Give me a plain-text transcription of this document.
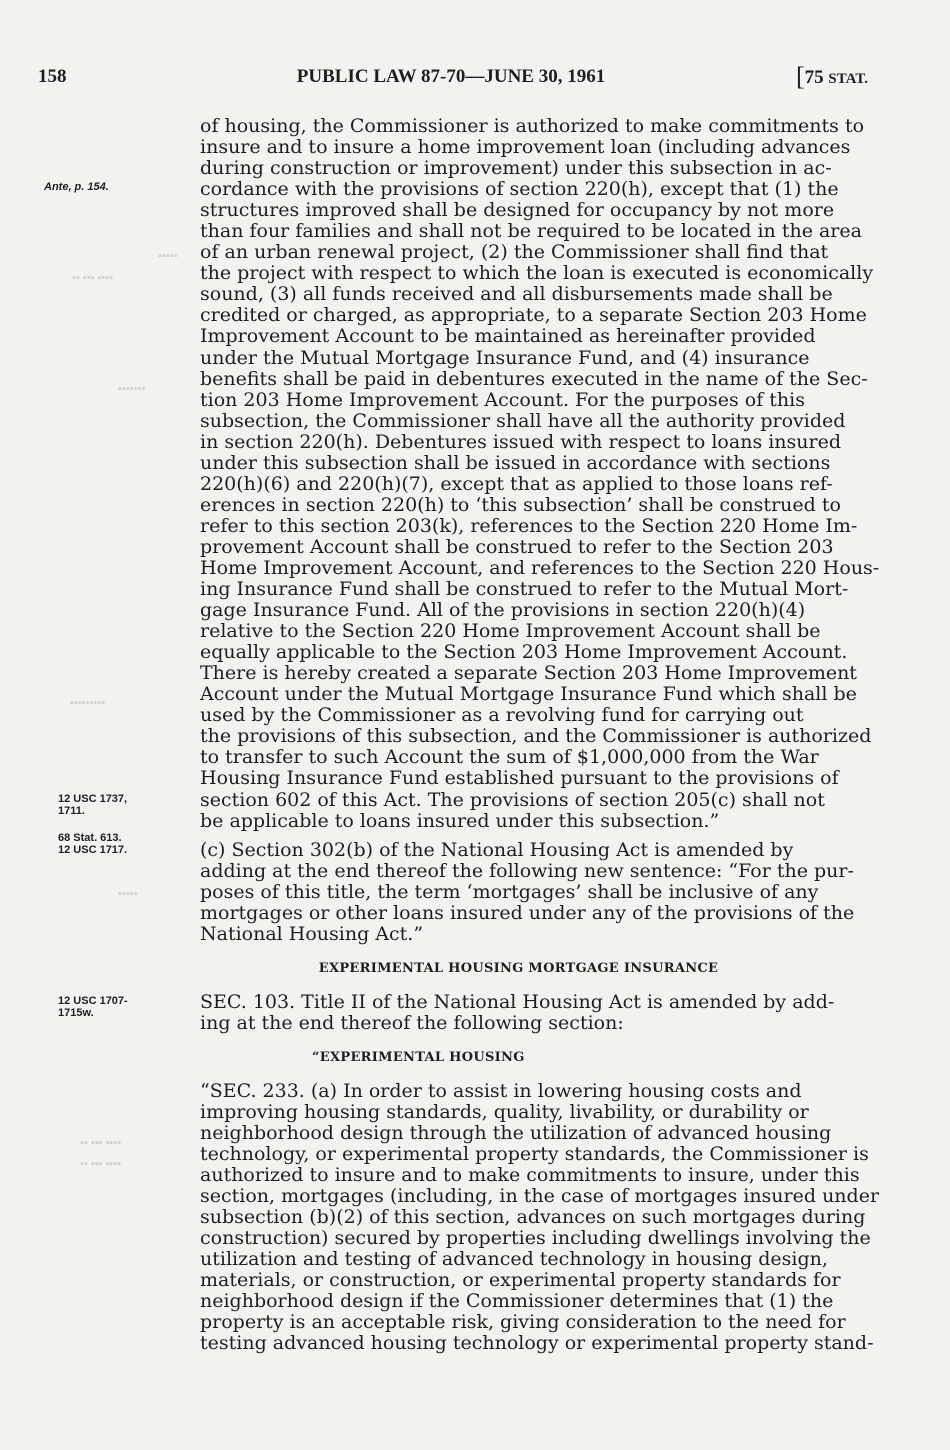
158	PUBLIC LAW 87-70—JUNE 30, 1961	[75 STAT.
▪▪▪▪▪
▪▪ ▪▪▪ ▪▪▪▪
▪▪▪▪▪▪▪
▪▪▪▪▪▪▪▪▪
▪▪▪▪▪
▪▪ ▪▪▪ ▪▪▪▪
▪▪ ▪▪▪ ▪▪▪▪
Ante, p. 154.
12 USC 1737,
1711.
68 Stat. 613.
12 USC 1717.
12 USC 1707-
1715w.
of housing, the Commissioner is authorized to make commitments to
insure and to insure a home improvement loan (including advances
during construction or improvement) under this subsection in ac-
cordance with the provisions of section 220(h), except that (1) the
structures improved shall be designed for occupancy by not more
than four families and shall not be required to be located in the area
of an urban renewal project, (2) the Commissioner shall find that
the project with respect to which the loan is executed is economically
sound, (3) all funds received and all disbursements made shall be
credited or charged, as appropriate, to a separate Section 203 Home
Improvement Account to be maintained as hereinafter provided
under the Mutual Mortgage Insurance Fund, and (4) insurance
benefits shall be paid in debentures executed in the name of the Sec-
tion 203 Home Improvement Account. For the purposes of this
subsection, the Commissioner shall have all the authority provided
in section 220(h). Debentures issued with respect to loans insured
under this subsection shall be issued in accordance with sections
220(h)(6) and 220(h)(7), except that as applied to those loans ref-
erences in section 220(h) to ‘this subsection’ shall be construed to
refer to this section 203(k), references to the Section 220 Home Im-
provement Account shall be construed to refer to the Section 203
Home Improvement Account, and references to the Section 220 Hous-
ing Insurance Fund shall be construed to refer to the Mutual Mort-
gage Insurance Fund. All of the provisions in section 220(h)(4)
relative to the Section 220 Home Improvement Account shall be
equally applicable to the Section 203 Home Improvement Account.
There is hereby created a separate Section 203 Home Improvement
Account under the Mutual Mortgage Insurance Fund which shall be
used by the Commissioner as a revolving fund for carrying out
the provisions of this subsection, and the Commissioner is authorized
to transfer to such Account the sum of $1,000,000 from the War
Housing Insurance Fund established pursuant to the provisions of
section 602 of this Act. The provisions of section 205(c) shall not
be applicable to loans insured under this subsection.”
(c) Section 302(b) of the National Housing Act is amended by
adding at the end thereof the following new sentence: “For the pur-
poses of this title, the term ‘mortgages’ shall be inclusive of any
mortgages or other loans insured under any of the provisions of the
National Housing Act.”
EXPERIMENTAL HOUSING MORTGAGE INSURANCE
SEC. 103. Title II of the National Housing Act is amended by add-
ing at the end thereof the following section:
“EXPERIMENTAL HOUSING
“SEC. 233. (a) In order to assist in lowering housing costs and
improving housing standards, quality, livability, or durability or
neighborhood design through the utilization of advanced housing
technology, or experimental property standards, the Commissioner is
authorized to insure and to make commitments to insure, under this
section, mortgages (including, in the case of mortgages insured under
subsection (b)(2) of this section, advances on such mortgages during
construction) secured by properties including dwellings involving the
utilization and testing of advanced technology in housing design,
materials, or construction, or experimental property standards for
neighborhood design if the Commissioner determines that (1) the
property is an acceptable risk, giving consideration to the need for
testing advanced housing technology or experimental property stand-
